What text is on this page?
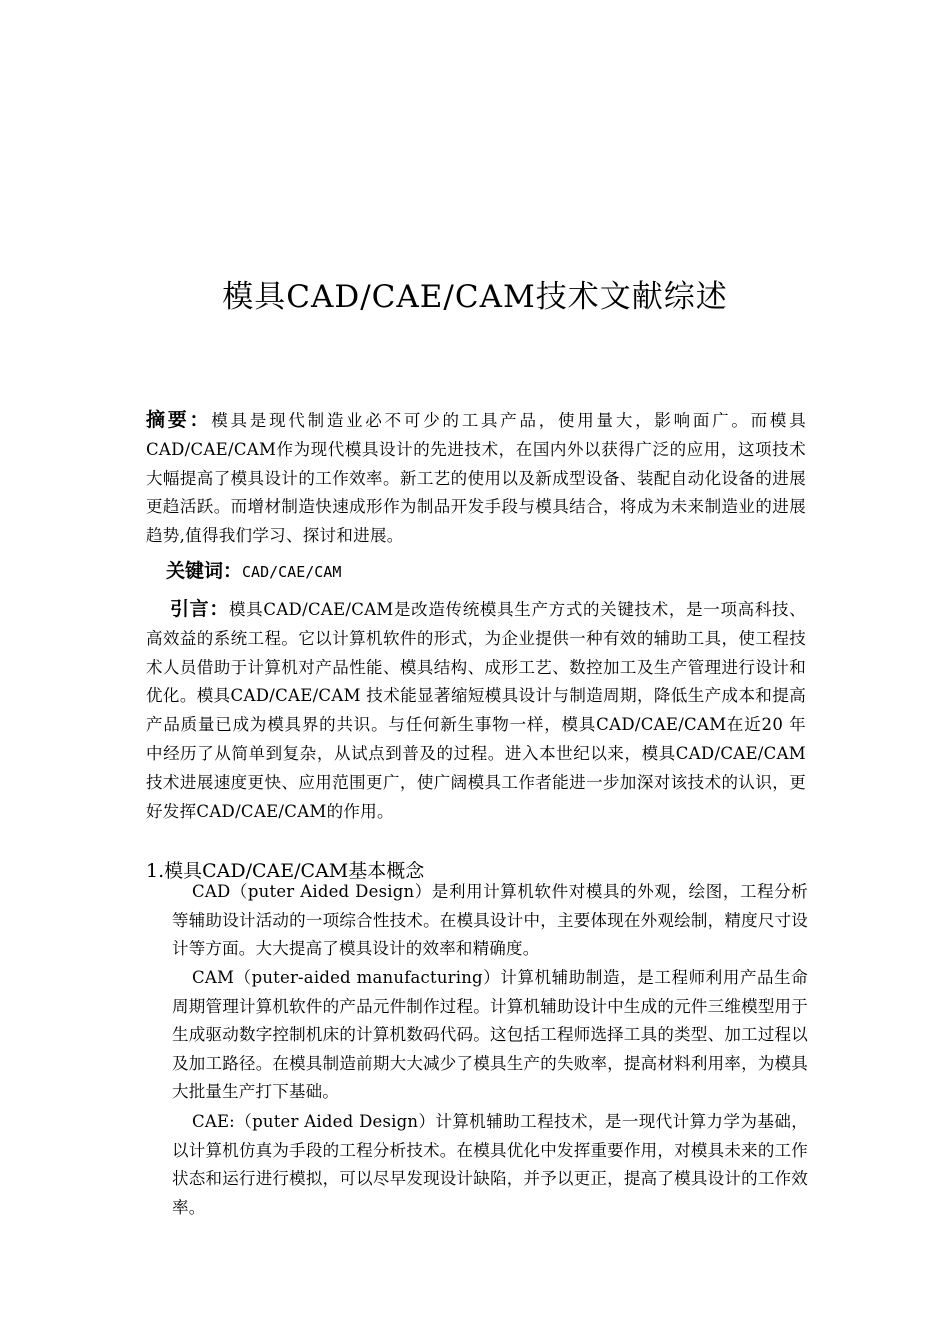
模具CAD/CAE/CAM技术文献综述
摘要：模具是现代制造业必不可少的工具产品，使用量大，影响面广。而模具CAD/CAE/CAM作为现代模具设计的先进技术，在国内外以获得广泛的应用，这项技术大幅提高了模具设计的工作效率。新工艺的使用以及新成型设备、装配自动化设备的进展更趋活跃。而增材制造快速成形作为制品开发手段与模具结合，将成为未来制造业的进展趋势,值得我们学习、探讨和进展。
关键词：CAD/CAE/CAM
引言：模具CAD/CAE/CAM是改造传统模具生产方式的关键技术，是一项高科技、高效益的系统工程。它以计算机软件的形式，为企业提供一种有效的辅助工具，使工程技术人员借助于计算机对产品性能、模具结构、成形工艺、数控加工及生产管理进行设计和优化。模具CAD/CAE/CAM 技术能显著缩短模具设计与制造周期，降低生产成本和提高产品质量已成为模具界的共识。与任何新生事物一样，模具CAD/CAE/CAM在近20 年中经历了从简单到复杂，从试点到普及的过程。进入本世纪以来，模具CAD/CAE/CAM技术进展速度更快、应用范围更广，使广阔模具工作者能进一步加深对该技术的认识，更好发挥CAD/CAE/CAM的作用。
1.模具CAD/CAE/CAM基本概念
CAD（puter Aided Design）是利用计算机软件对模具的外观，绘图，工程分析等辅助设计活动的一项综合性技术。在模具设计中，主要体现在外观绘制，精度尺寸设计等方面。大大提高了模具设计的效率和精确度。
CAM（puter-aided manufacturing）计算机辅助制造，是工程师利用产品生命周期管理计算机软件的产品元件制作过程。计算机辅助设计中生成的元件三维模型用于生成驱动数字控制机床的计算机数码代码。这包括工程师选择工具的类型、加工过程以及加工路径。在模具制造前期大大减少了模具生产的失败率，提高材料利用率，为模具大批量生产打下基础。
CAE:（puter Aided Design）计算机辅助工程技术，是一现代计算力学为基础，以计算机仿真为手段的工程分析技术。在模具优化中发挥重要作用，对模具未来的工作状态和运行进行模拟，可以尽早发现设计缺陷，并予以更正，提高了模具设计的工作效率。
